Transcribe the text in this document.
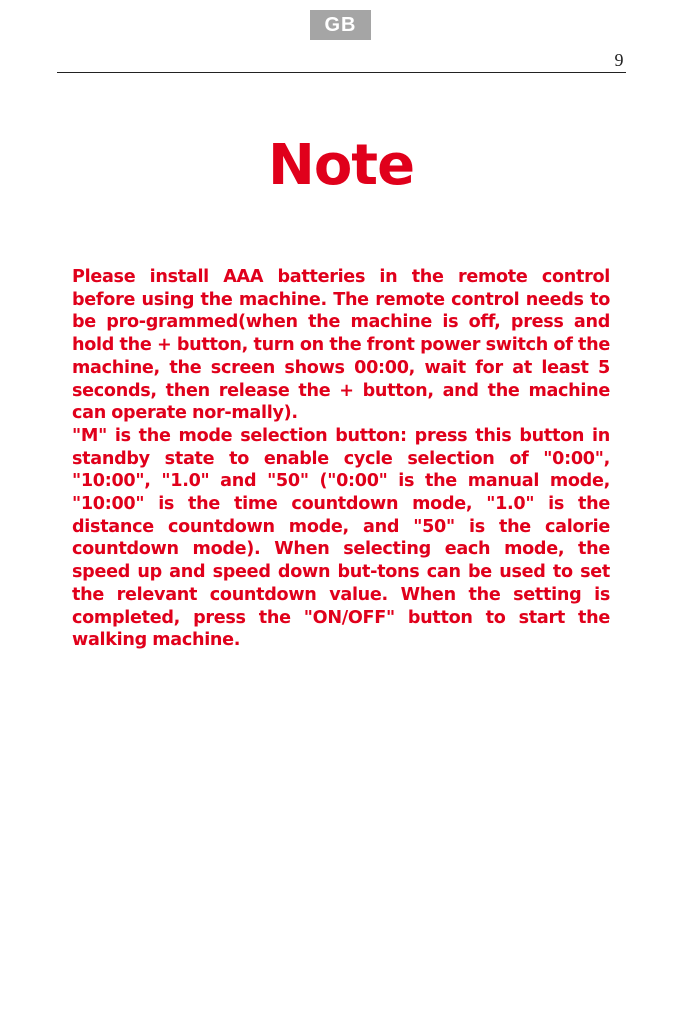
GB
9
Note

Please install AAA batteries in the remote control before using the machine. The remote control needs to be pro-grammed(when the machine is off, press and hold the + button, turn on the front power switch of the machine, the screen shows 00:00, wait for at least 5 seconds, then release the + button, and the machine can operate nor-mally).

"M" is the mode selection button: press this button in standby state to enable cycle selection of "0:00", "10:00", "1.0" and "50" ("0:00" is the manual mode, "10:00" is the time countdown mode, "1.0" is the distance countdown mode, and "50" is the calorie countdown mode). When selecting each mode, the speed up and speed down but-tons can be used to set the relevant countdown value. When the setting is completed, press the "ON/OFF" button to start the walking machine.
